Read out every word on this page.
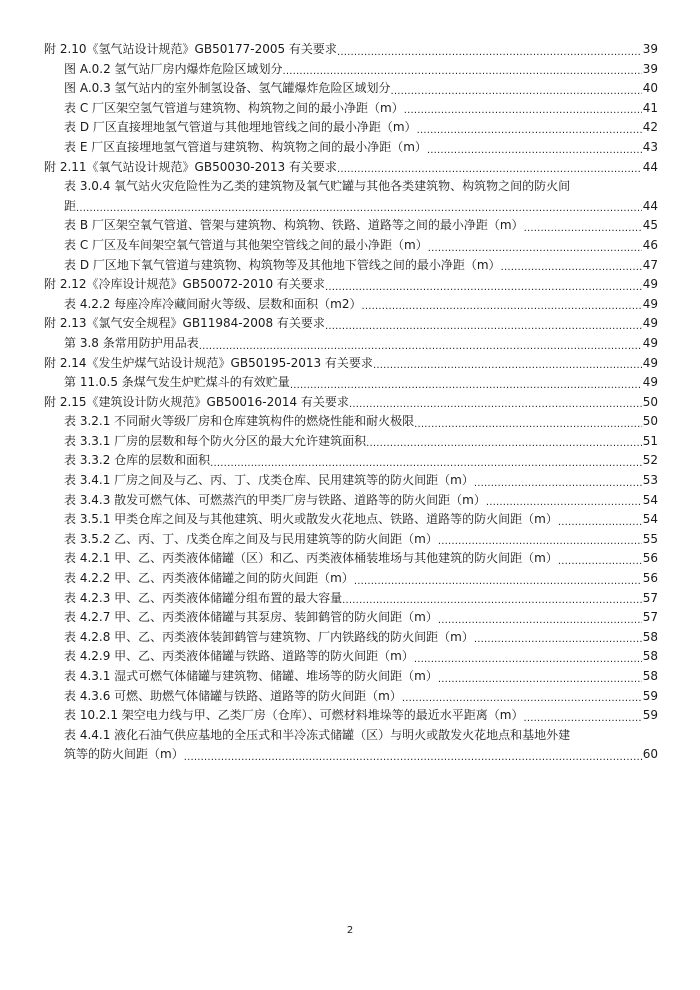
附 2.10《氢气站设计规范》GB50177-2005 有关要求 .....	39
图 A.0.2 氢气站厂房内爆炸危险区域划分 .....	39
图 A.0.3 氢气站内的室外制氢设备、氢气罐爆炸危险区域划分 .....	40
表 C 厂区架空氢气管道与建筑物、构筑物之间的最小净距（m） .....	41
表 D 厂区直接埋地氢气管道与其他埋地管线之间的最小净距（m） .....	42
表 E 厂区直接埋地氢气管道与建筑物、构筑物之间的最小净距（m） .....	43
附 2.11《氧气站设计规范》GB50030-2013 有关要求 .....	44
表 3.0.4 氧气站火灾危险性为乙类的建筑物及氧气贮罐与其他各类建筑物、构筑物之间的防火间
距 .....	44
表 B 厂区架空氧气管道、管架与建筑物、构筑物、铁路、道路等之间的最小净距（m） .....	45
表 C 厂区及车间架空氧气管道与其他架空管线之间的最小净距（m） .....	46
表 D 厂区地下氧气管道与建筑物、构筑物等及其他地下管线之间的最小净距（m） .....	47
附 2.12《冷库设计规范》GB50072-2010 有关要求 .....	49
表 4.2.2 每座冷库冷藏间耐火等级、层数和面积（m2） .....	49
附 2.13《氯气安全规程》GB11984-2008 有关要求 .....	49
第 3.8 条常用防护用品表 .....	49
附 2.14《发生炉煤气站设计规范》GB50195-2013 有关要求 .....	49
第 11.0.5 条煤气发生炉贮煤斗的有效贮量 .....	49
附 2.15《建筑设计防火规范》GB50016-2014 有关要求 .....	50
表 3.2.1 不同耐火等级厂房和仓库建筑构件的燃烧性能和耐火极限 .....	50
表 3.3.1 厂房的层数和每个防火分区的最大允许建筑面积 .....	51
表 3.3.2 仓库的层数和面积 .....	52
表 3.4.1 厂房之间及与乙、丙、丁、戊类仓库、民用建筑等的防火间距（m） .....	53
表 3.4.3 散发可燃气体、可燃蒸汽的甲类厂房与铁路、道路等的防火间距（m） .....	54
表 3.5.1 甲类仓库之间及与其他建筑、明火或散发火花地点、铁路、道路等的防火间距（m） .....	54
表 3.5.2 乙、丙、丁、戊类仓库之间及与民用建筑等的防火间距（m） .....	55
表 4.2.1 甲、乙、丙类液体储罐（区）和乙、丙类液体桶装堆场与其他建筑的防火间距（m） .....	56
表 4.2.2 甲、乙、丙类液体储罐之间的防火间距（m） .....	56
表 4.2.3 甲、乙、丙类液体储罐分组布置的最大容量 .....	57
表 4.2.7 甲、乙、丙类液体储罐与其泵房、装卸鹤管的防火间距（m） .....	57
表 4.2.8 甲、乙、丙类液体装卸鹤管与建筑物、厂内铁路线的防火间距（m） .....	58
表 4.2.9 甲、乙、丙类液体储罐与铁路、道路等的防火间距（m） .....	58
表 4.3.1 湿式可燃气体储罐与建筑物、储罐、堆场等的防火间距（m） .....	58
表 4.3.6 可燃、助燃气体储罐与铁路、道路等的防火间距（m） .....	59
表 10.2.1 架空电力线与甲、乙类厂房（仓库）、可燃材料堆垛等的最近水平距离（m） .....	59
表 4.4.1 液化石油气供应基地的全压式和半冷冻式储罐（区）与明火或散发火花地点和基地外建
筑等的防火间距（m） .....	60
2
